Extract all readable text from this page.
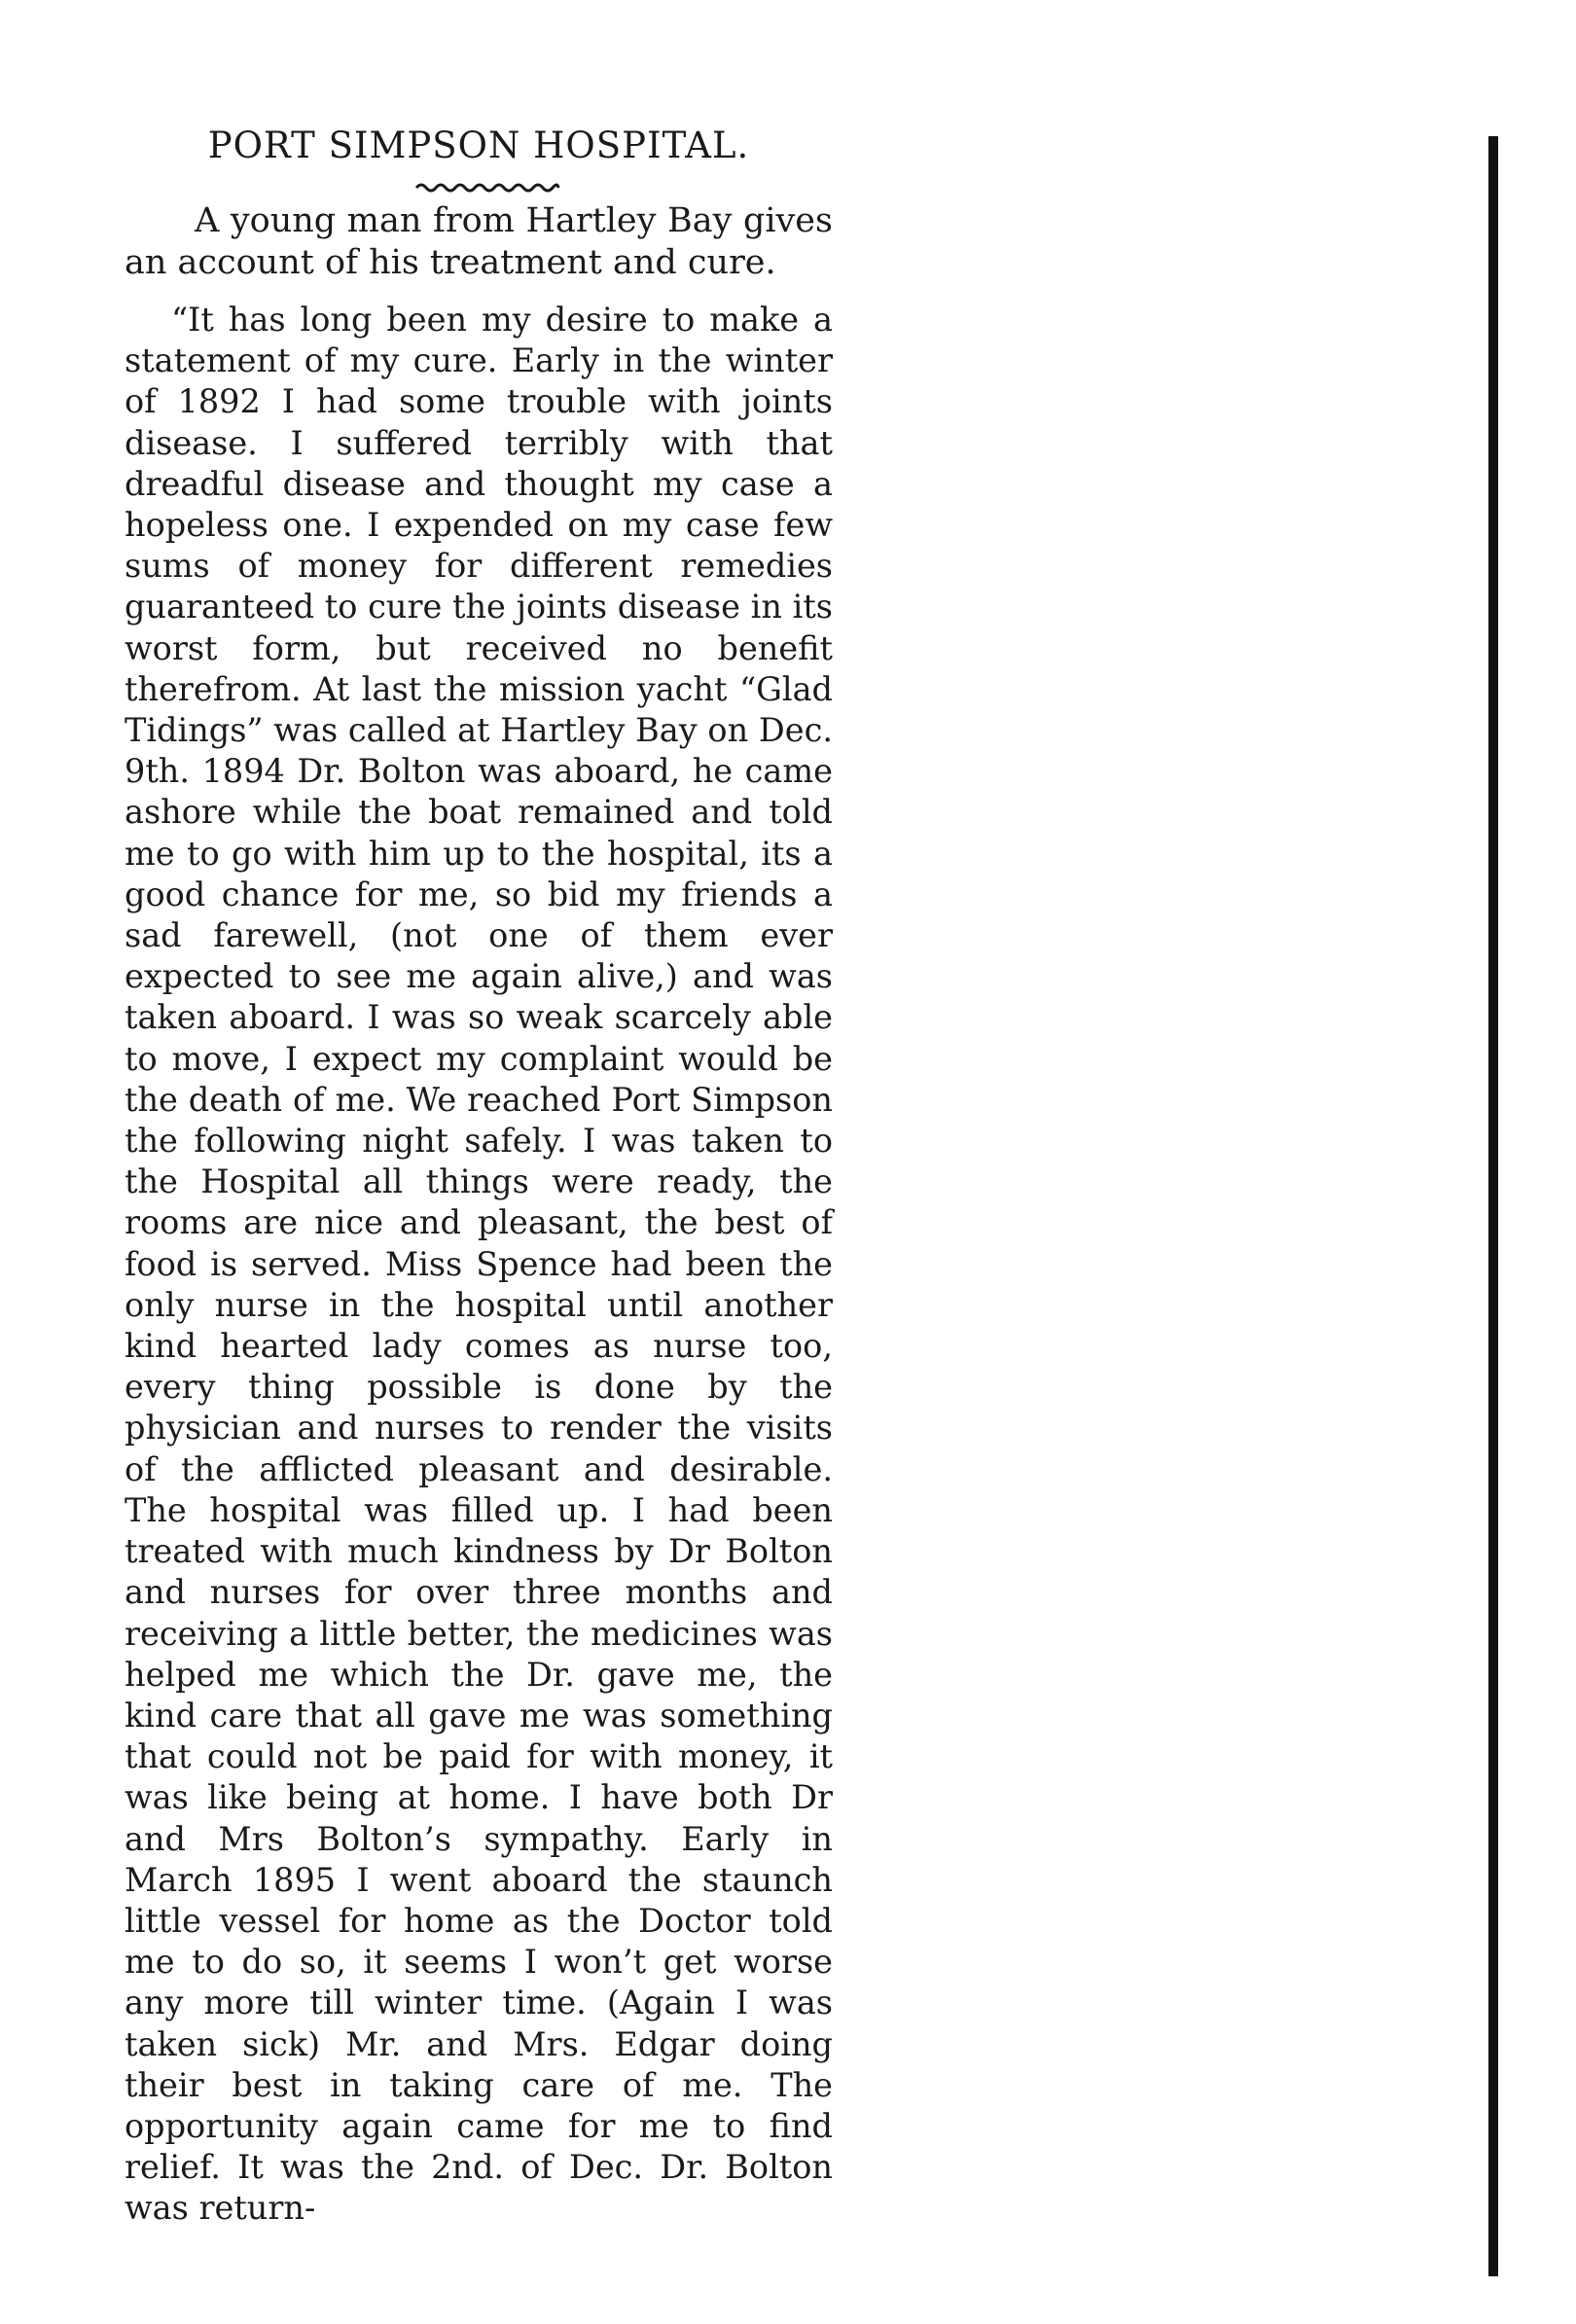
PORT SIMPSON HOSPITAL.

A young man from Hartley Bay gives an account of his treatment and cure.

“It has long been my desire to make a statement of my cure. Early in the winter of 1892 I had some trouble with joints disease. I suffered terribly with that dreadful disease and thought my case a hopeless one. I expended on my case few sums of money for different remedies guaranteed to cure the joints disease in its worst form, but received no benefit therefrom. At last the mission yacht “Glad Tidings” was called at Hartley Bay on Dec. 9th. 1894 Dr. Bolton was aboard, he came ashore while the boat remained and told me to go with him up to the hospital, its a good chance for me, so bid my friends a sad farewell, (not one of them ever expected to see me again alive,) and was taken aboard. I was so weak scarcely able to move, I expect my complaint would be the death of me. We reached Port Simpson the following night safely. I was taken to the Hospital all things were ready, the rooms are nice and pleasant, the best of food is served. Miss Spence had been the only nurse in the hospital until another kind hearted lady comes as nurse too, every thing possible is done by the physician and nurses to render the visits of the afflicted pleasant and desirable. The hospital was filled up. I had been treated with much kindness by Dr Bolton and nurses for over three months and receiving a little better, the medicines was helped me which the Dr. gave me, the kind care that all gave me was something that could not be paid for with money, it was like being at home. I have both Dr and Mrs Bolton’s sympathy. Early in March 1895 I went aboard the staunch little vessel for home as the Doctor told me to do so, it seems I won’t get worse any more till winter time. (Again I was taken sick) Mr. and Mrs. Edgar doing their best in taking care of me. The opportunity again came for me to find relief. It was the 2nd. of Dec. Dr. Bolton was return-
